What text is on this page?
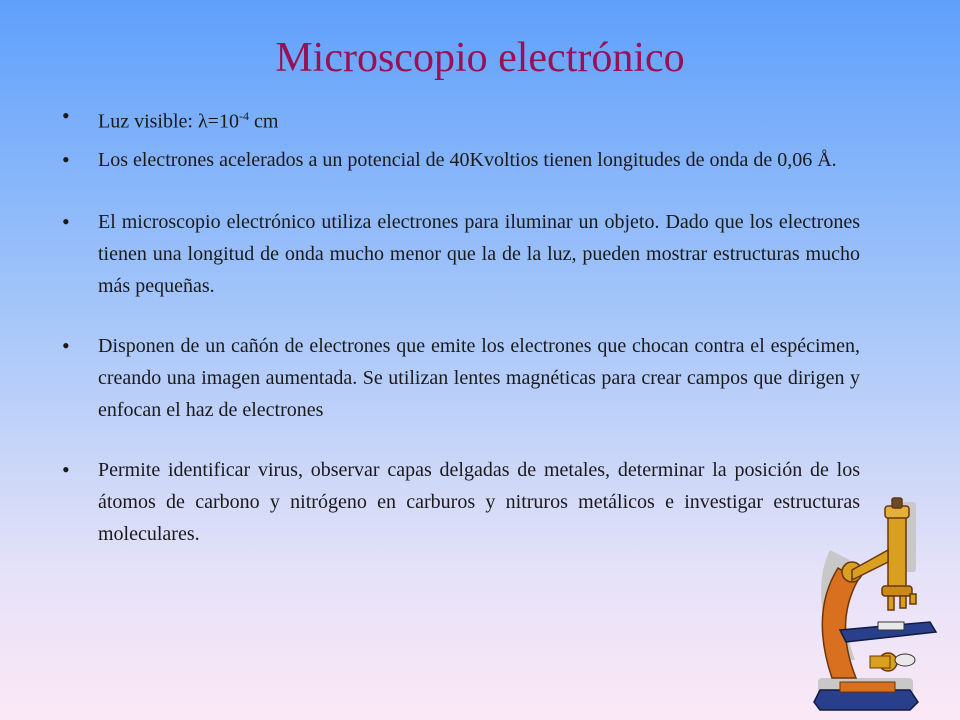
Microscopio electrónico
• Luz visible: $\lambda=10^{-4}$ cm
• Los electrones acelerados a un potencial de 40Kvoltios tienen longitudes de onda de 0,06 Å.
• El microscopio electrónico utiliza electrones para iluminar un objeto. Dado que los electrones tienen una longitud de onda mucho menor que la de la luz, pueden mostrar estructuras mucho más pequeñas.
• Disponen de un cañón de electrones que emite los electrones que chocan contra el espécimen, creando una imagen aumentada. Se utilizan lentes magnéticas para crear campos que dirigen y enfocan el haz de electrones
• Permite identificar virus, observar capas delgadas de metales, determinar la posición de los átomos de carbono y nitrógeno en carburos y nitruros metálicos e investigar estructuras moleculares.
